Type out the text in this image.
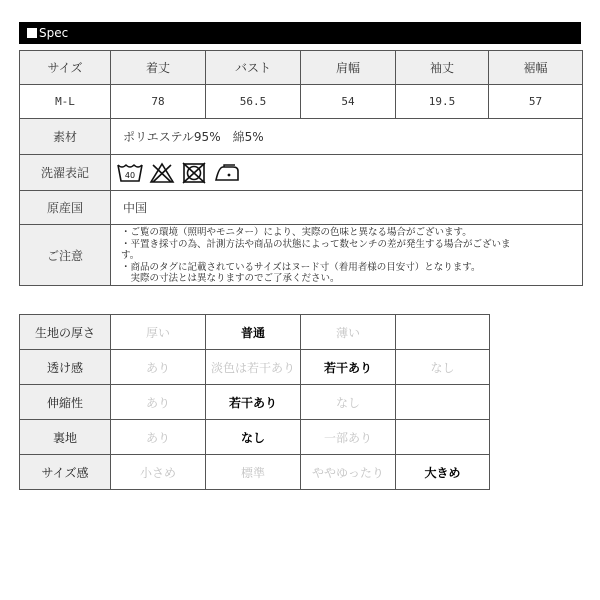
Spec
サイズ	着丈	バスト	肩幅	袖丈	裾幅
M-L	78	56.5	54	19.5	57
素材	ポリエステル95%　綿5%				
洗濯表記	40				

原産国	中国				
ご注意	・ご覧の環境（照明やモニター）により、実際の色味と異なる場合がございます。
・平置き採寸の為、計測方法や商品の状態によって数センチの差が発生する場合がございま
す。
・商品のタグに記載されているサイズはヌード寸（着用者様の目安寸）となります。
　実際の寸法とは異なりますのでご了承ください。				
生地の厚さ	厚い	普通	薄い	
透け感	あり	淡色は若干あり	若干あり	なし
伸縮性	あり	若干あり	なし	
裏地	あり	なし	一部あり	
サイズ感	小さめ	標準	ややゆったり	大きめ
